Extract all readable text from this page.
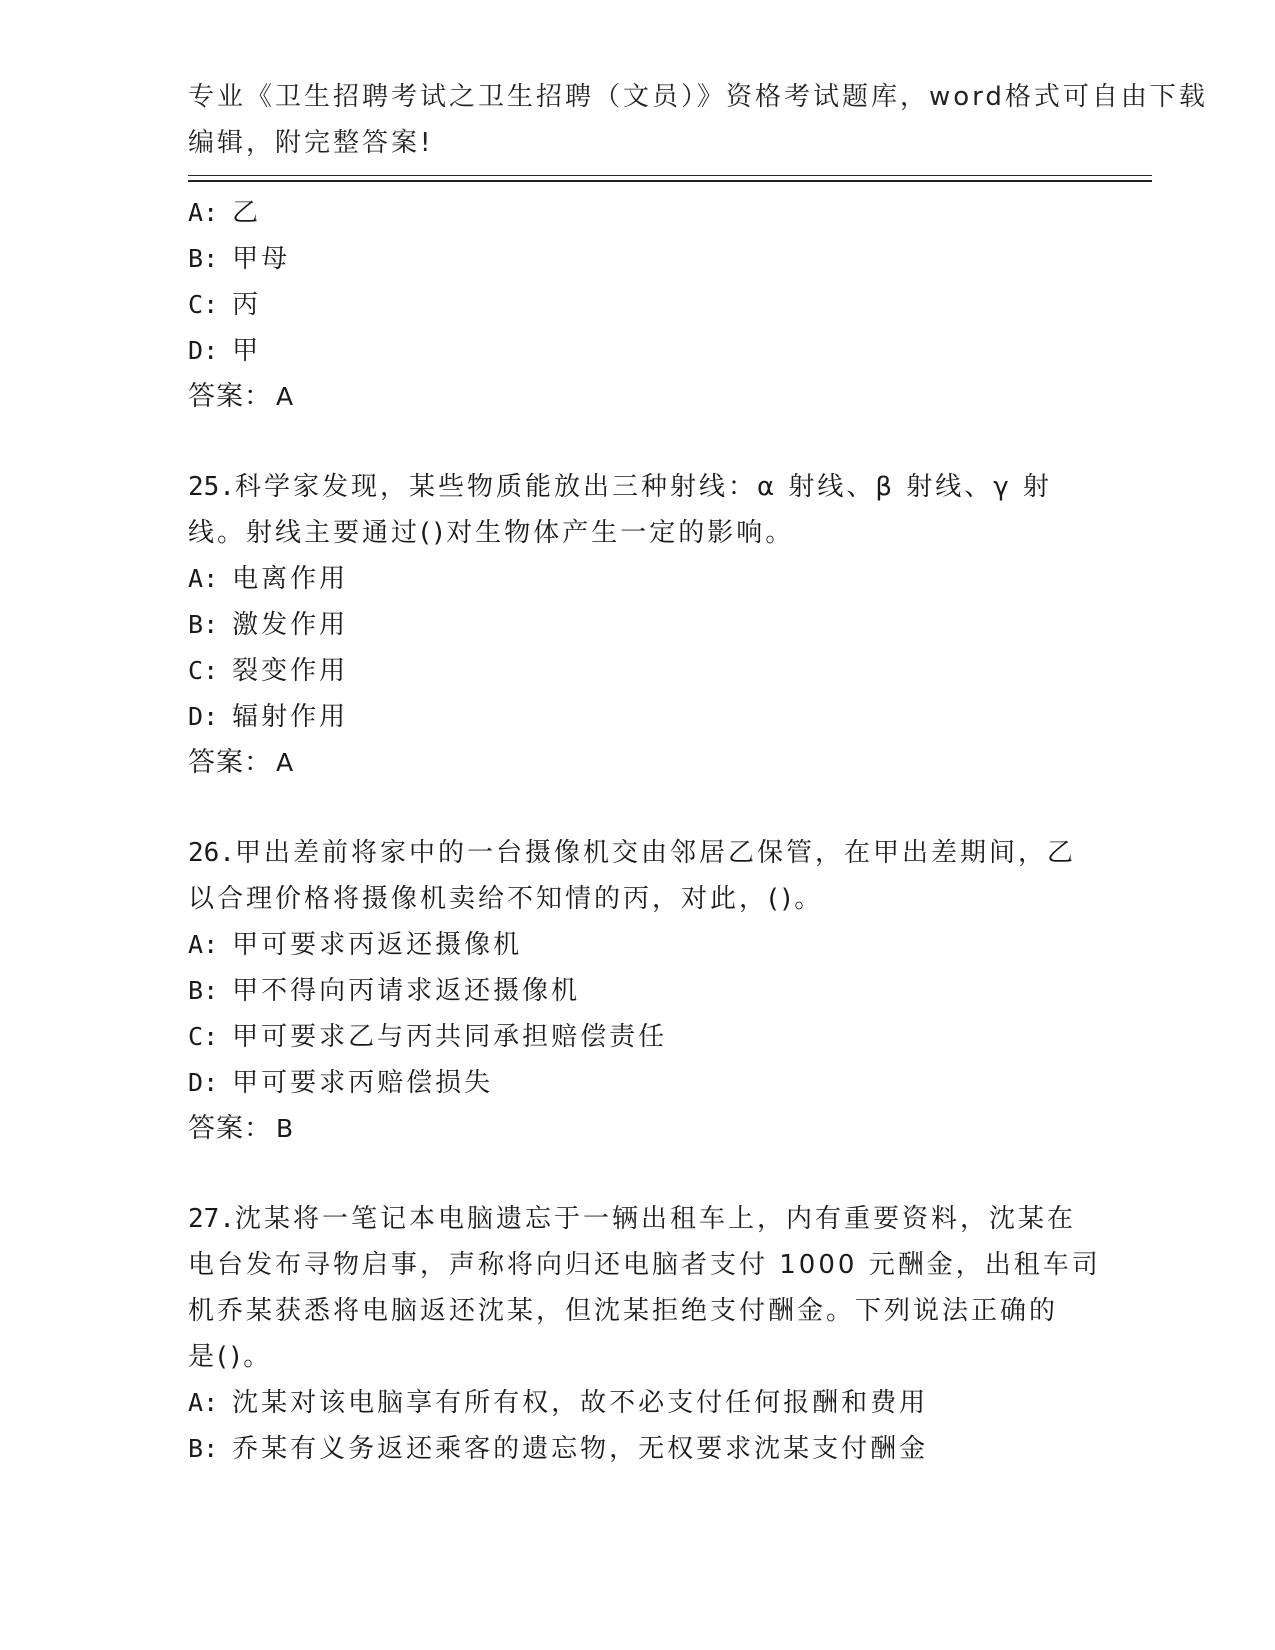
专业《卫生招聘考试之卫生招聘（文员）》资格考试题库，word格式可自由下载
编辑，附完整答案!
A: 乙
B: 甲母
C: 丙
D: 甲
答案： A
25.科学家发现，某些物质能放出三种射线：α 射线、β 射线、γ 射
线。射线主要通过()对生物体产生一定的影响。
A: 电离作用
B: 激发作用
C: 裂变作用
D: 辐射作用
答案： A
26.甲出差前将家中的一台摄像机交由邻居乙保管，在甲出差期间，乙
以合理价格将摄像机卖给不知情的丙，对此，()。
A: 甲可要求丙返还摄像机
B: 甲不得向丙请求返还摄像机
C: 甲可要求乙与丙共同承担赔偿责任
D: 甲可要求丙赔偿损失
答案： B
27.沈某将一笔记本电脑遗忘于一辆出租车上，内有重要资料，沈某在
电台发布寻物启事，声称将向归还电脑者支付 1000 元酬金，出租车司
机乔某获悉将电脑返还沈某，但沈某拒绝支付酬金。下列说法正确的
是()。
A: 沈某对该电脑享有所有权，故不必支付任何报酬和费用
B: 乔某有义务返还乘客的遗忘物，无权要求沈某支付酬金
